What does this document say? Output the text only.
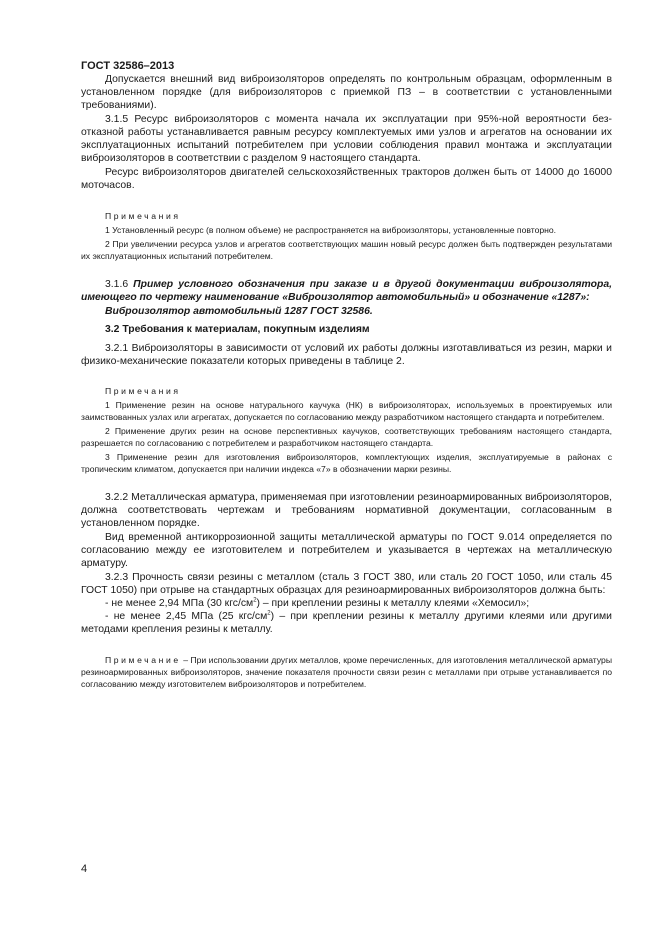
ГОСТ 32586–2013

Допускается внешний вид виброизоляторов определять по контрольным образцам, оформленным в установленном порядке (для виброизоляторов с приемкой ПЗ – в соответствии с установленными требованиями).

3.1.5 Ресурс виброизоляторов с момента начала их эксплуатации при 95%-ной вероятности безотказной работы устанавливается равным ресурсу комплектуемых ими узлов и агрегатов на основании их эксплуатационных испытаний потребителем при условии соблюдения правил монтажа и эксплуатации виброизоляторов в соответствии с разделом 9 настоящего стандарта.

Ресурс виброизоляторов двигателей сельскохозяйственных тракторов должен быть от 14000 до 16000 моточасов.

Примечания

1 Установленный ресурс (в полном объеме) не распространяется на виброизоляторы, установленные повторно.

2 При увеличении ресурса узлов и агрегатов соответствующих машин новый ресурс должен быть подтвержден результатами их эксплуатационных испытаний потребителем.

3.1.6 Пример условного обозначения при заказе и в другой документации виброизолятора, имеющего по чертежу наименование «Виброизолятор автомобильный» и обозначение «1287»:

Виброизолятор автомобильный 1287 ГОСТ 32586.

3.2 Требования к материалам, покупным изделиям

3.2.1 Виброизоляторы в зависимости от условий их работы должны изготавливаться из резин, марки и физико-механические показатели которых приведены в таблице 2.

Примечания

1 Применение резин на основе натурального каучука (НК) в виброизоляторах, используемых в проектируемых или заимствованных узлах или агрегатах, допускается по согласованию между разработчиком настоящего стандарта и потребителем.

2 Применение других резин на основе перспективных каучуков, соответствующих требованиям настоящего стандарта, разрешается по согласованию с потребителем и разработчиком настоящего стандарта.

3 Применение резин для изготовления виброизоляторов, комплектующих изделия, эксплуатируемые в районах с тропическим климатом, допускается при наличии индекса «7» в обозначении марки резины.

3.2.2 Металлическая арматура, применяемая при изготовлении резиноармированных виброизоляторов, должна соответствовать чертежам и требованиям нормативной документации, согласованным в установленном порядке.

Вид временной антикоррозионной защиты металлической арматуры по ГОСТ 9.014 определяется по согласованию между ее изготовителем и потребителем и указывается в чертежах на металлическую арматуру.

3.2.3 Прочность связи резины с металлом (сталь 3 ГОСТ 380, или сталь 20 ГОСТ 1050, или сталь 45 ГОСТ 1050) при отрыве на стандартных образцах для резиноармированных виброизоляторов должна быть:

- не менее 2,94 МПа (30 кгс/$см^2$) – при креплении резины к металлу клеями «Хемосил»;

- не менее 2,45 МПа (25 кгс/$см^2$) – при креплении резины к металлу другими клеями или другими методами крепления резины к металлу.

Примечание – При использовании других металлов, кроме перечисленных, для изготовления металлической арматуры резиноармированных виброизоляторов, значение показателя прочности связи резин с металлами при отрыве устанавливается по согласованию между изготовителем виброизоляторов и потребителем.

4
